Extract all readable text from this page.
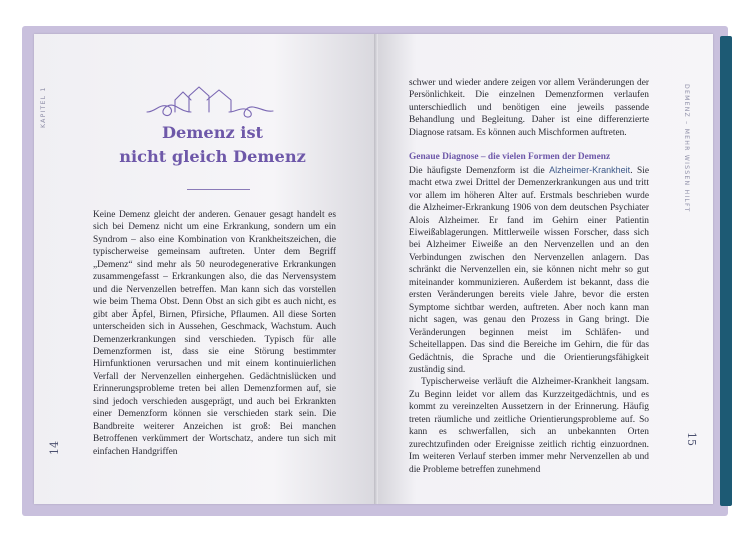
KAPITEL 1	DEMENZ – MEHR WISSEN HILFT
14
15
Demenz ist
nicht gleich Demenz

Keine Demenz gleicht der anderen. Genauer gesagt handelt es sich bei Demenz nicht um eine Erkrankung, sondern um ein Syndrom – also eine Kombination von Krankheitszeichen, die typischerweise gemeinsam auftreten. Unter dem Begriff „Demenz“ sind mehr als 50 neurodegenerative Erkrankungen zusammengefasst – Erkrankungen also, die das Nervensystem und die Nervenzellen betreffen. Man kann sich das vorstellen wie beim Thema Obst. Denn Obst an sich gibt es auch nicht, es gibt aber Äpfel, Birnen, Pfirsiche, Pflaumen. All diese Sorten unterscheiden sich in Aussehen, Geschmack, Wachstum. Auch Demenzerkrankungen sind verschieden. Typisch für alle Demenzformen ist, dass sie eine Störung bestimmter Hirnfunktionen verursachen und mit einem kontinuierlichen Verfall der Nervenzellen einhergehen. Gedächtnislücken und Erinnerungsprobleme treten bei allen Demenzformen auf, sie sind jedoch verschieden ausgeprägt, und auch bei Erkrankten einer Demenzform können sie verschieden stark sein. Die Bandbreite weiterer Anzeichen ist groß: Bei manchen Betroffenen verkümmert der Wortschatz, andere tun sich mit einfachen Handgriffen

schwer und wieder andere zeigen vor allem Veränderungen der Persönlichkeit. Die einzelnen Demenzformen verlaufen unterschiedlich und benötigen eine jeweils passende Behandlung und Begleitung. Daher ist eine differenzierte Diagnose ratsam. Es können auch Mischformen auftreten.
Genaue Diagnose – die vielen Formen der Demenz
Die häufigste Demenzform ist die Alzheimer-Krankheit. Sie macht etwa zwei Drittel der Demenzerkrankungen aus und tritt vor allem im höheren Alter auf. Erstmals beschrieben wurde die Alzheimer-Erkrankung 1906 von dem deutschen Psychiater Alois Alzheimer. Er fand im Gehirn einer Patientin Eiweißablagerungen. Mittlerweile wissen Forscher, dass sich bei Alzheimer Eiweiße an den Nervenzellen und an den Verbindungen zwischen den Nervenzellen anlagern. Das schränkt die Nervenzellen ein, sie können nicht mehr so gut miteinander kommunizieren. Außerdem ist bekannt, dass die ersten Veränderungen bereits viele Jahre, bevor die ersten Symptome sichtbar werden, auftreten. Aber noch kann man nicht sagen, was genau den Prozess in Gang bringt. Die Veränderungen beginnen meist im Schläfen- und Scheitellappen. Das sind die Bereiche im Gehirn, die für das Gedächtnis, die Sprache und die Orientierungsfähigkeit zuständig sind.
Typischerweise verläuft die Alzheimer-Krankheit langsam. Zu Beginn leidet vor allem das Kurzzeitgedächtnis, und es kommt zu vereinzelten Aussetzern in der Erinnerung. Häufig treten räumliche und zeitliche Orientierungsprobleme auf. So kann es schwerfallen, sich an unbekannten Orten zurechtzufinden oder Ereignisse zeitlich richtig einzuordnen. Im weiteren Verlauf sterben immer mehr Nervenzellen ab und die Probleme betreffen zunehmend
